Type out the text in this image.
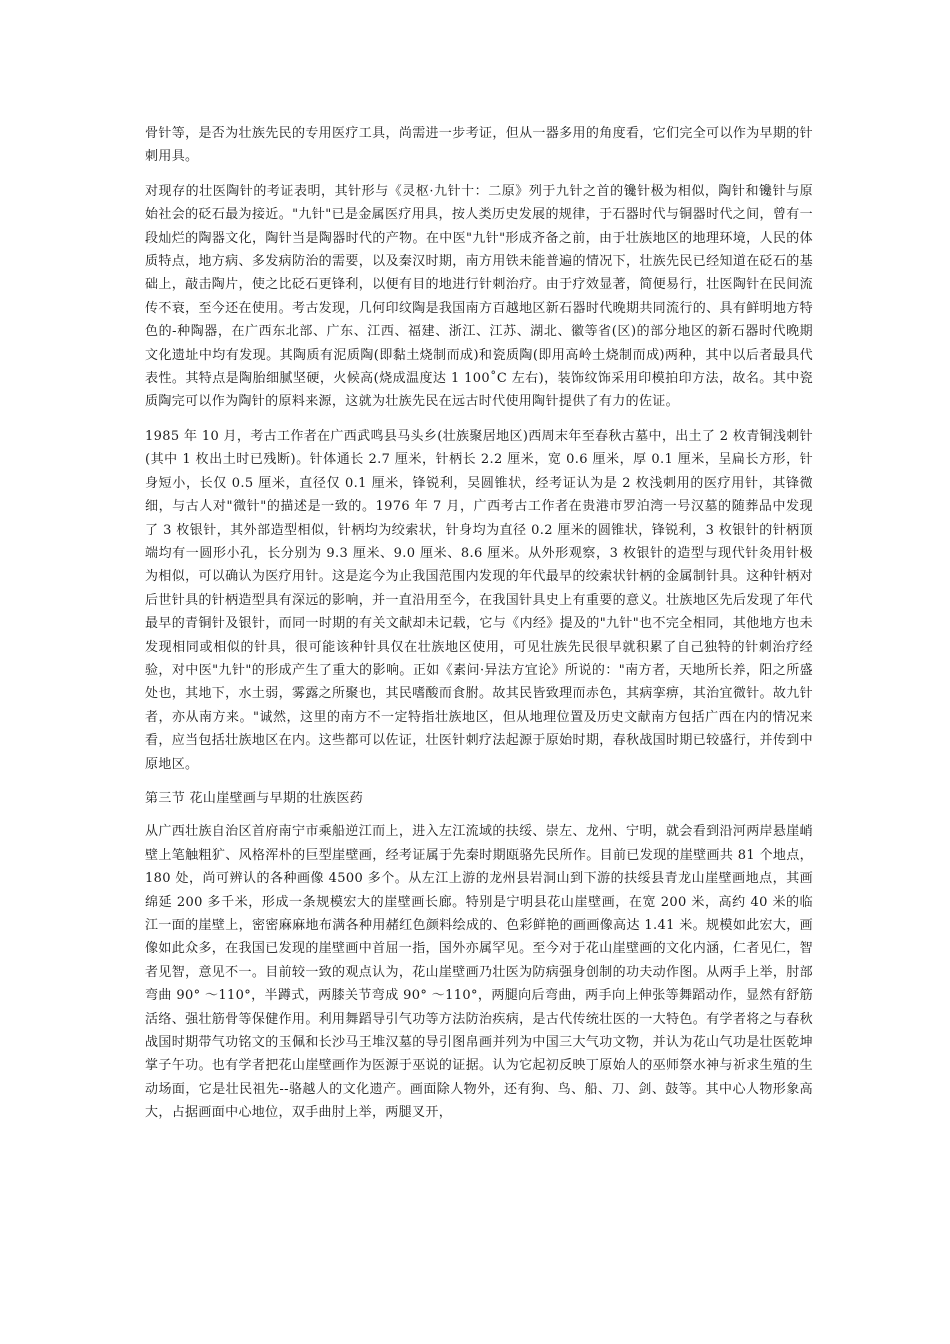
骨针等，是否为壮族先民的专用医疗工具，尚需进一步考证，但从一器多用的角度看，它们完全可以作为早期的针刺用具。

对现存的壮医陶针的考证表明，其针形与《灵枢·九针十：二原》列于九针之首的镵针极为相似，陶针和镵针与原始社会的砭石最为接近。"九针"已是金属医疗用具，按人类历史发展的规律，于石器时代与铜器时代之间，曾有一段灿烂的陶器文化，陶针当是陶器时代的产物。在中医"九针"形成齐备之前，由于壮族地区的地理环境，人民的体质特点，地方病、多发病防治的需要，以及秦汉时期，南方用铁未能普遍的情况下，壮族先民已经知道在砭石的基础上，敲击陶片，使之比砭石更锋利，以便有目的地进行针刺治疗。由于疗效显著，简便易行，壮医陶针在民间流传不衰，至今还在使用。考古发现，几何印纹陶是我国南方百越地区新石器时代晚期共同流行的、具有鲜明地方特色的-种陶器，在广西东北部、广东、江西、福建、浙江、江苏、湖北、徽等省(区)的部分地区的新石器时代晚期文化遗址中均有发现。其陶质有泥质陶(即黏土烧制而成)和瓷质陶(即用高岭土烧制而成)两种，其中以后者最具代表性。其特点是陶胎细腻坚硬，火候高(烧成温度达 1 100˚C 左右)，装饰纹饰采用印模拍印方法，故名。其中瓷质陶完可以作为陶针的原料来源，这就为壮族先民在远古时代使用陶针提供了有力的佐证。

1985 年 10 月，考古工作者在广西武鸣县马头乡(壮族聚居地区)西周末年至春秋古墓中，出土了 2 枚青铜浅刺针(其中 1 枚出土时已残断)。针体通长 2.7 厘米，针柄长 2.2 厘米，宽 0.6 厘米，厚 0.1 厘米，呈扁长方形，针身短小，长仅 0.5 厘米，直径仅 0.1 厘米，锋锐利，吴圆锥状，经考证认为是 2 枚浅刺用的医疗用针，其锋微细，与古人对"微针"的描述是一致的。1976 年 7 月，广西考古工作者在贵港市罗泊湾一号汉墓的随葬品中发现了 3 枚银针，其外部造型相似，针柄均为绞索状，针身均为直径 0.2 厘米的圆锥状，锋锐利，3 枚银针的针柄顶端均有一圆形小孔，长分别为 9.3 厘米、9.0 厘米、8.6 厘米。从外形观察，3 枚银针的造型与现代针灸用针极为相似，可以确认为医疗用针。这是迄今为止我国范围内发现的年代最早的绞索状针柄的金属制针具。这种针柄对后世针具的针柄造型具有深远的影响，并一直沿用至今，在我国针具史上有重要的意义。壮族地区先后发现了年代最早的青铜针及银针，而同一时期的有关文献却未记载，它与《内经》提及的"九针"也不完全相同，其他地方也未发现相同或相似的针具，很可能该种针具仅在壮族地区使用，可见壮族先民很早就积累了自己独特的针刺治疗经验，对中医"九针"的形成产生了重大的影响。正如《素问·异法方宜论》所说的："南方者，天地所长养，阳之所盛处也，其地下，水土弱，雾露之所聚也，其民嗜酸而食胕。故其民皆致理而赤色，其病挛痹，其治宜微针。故九针者，亦从南方来。"诚然，这里的南方不一定特指壮族地区，但从地理位置及历史文献南方包括广西在内的情况来看，应当包括壮族地区在内。这些都可以佐证，壮医针刺疗法起源于原始时期，春秋战国时期已较盛行，并传到中原地区。

第三节 花山崖壁画与早期的壮族医药

从广西壮族自治区首府南宁市乘船逆江而上，进入左江流域的扶绥、崇左、龙州、宁明，就会看到沿河两岸悬崖峭壁上笔触粗犷、风格浑朴的巨型崖壁画，经考证属于先秦时期瓯骆先民所作。目前已发现的崖壁画共 81 个地点，180 处，尚可辨认的各种画像 4500 多个。从左江上游的龙州县岩洞山到下游的扶绥县青龙山崖壁画地点，其画绵延 200 多千米，形成一条规模宏大的崖壁画长廊。特别是宁明县花山崖壁画，在宽 200 米，高约 40 米的临江一面的崖壁上，密密麻麻地布满各种用赭红色颜料绘成的、色彩鲜艳的画画像高达 1.41 米。规模如此宏大，画像如此众多，在我国已发现的崖壁画中首屈一指，国外亦属罕见。至今对于花山崖壁画的文化内涵，仁者见仁，智者见智，意见不一。目前较一致的观点认为，花山崖壁画乃壮医为防病强身创制的功夫动作图。从两手上举，肘部弯曲 90° ～110°，半蹲式，两膝关节弯成 90° ～110°，两腿向后弯曲，两手向上伸张等舞蹈动作，显然有舒筋活络、强壮筋骨等保健作用。利用舞蹈导引气功等方法防治疾病，是古代传统壮医的一大特色。有学者将之与春秋战国时期带气功铭文的玉佩和长沙马王堆汉墓的导引图帛画并列为中国三大气功文物，并认为花山气功是壮医乾坤掌子午功。也有学者把花山崖壁画作为医源于巫说的证据。认为它起初反映丁原始人的巫师祭水神与祈求生殖的生动场面，它是壮民祖先--骆越人的文化遗产。画面除人物外，还有狗、鸟、船、刀、剑、鼓等。其中心人物形象高大，占据画面中心地位，双手曲肘上举，两腿叉开，
